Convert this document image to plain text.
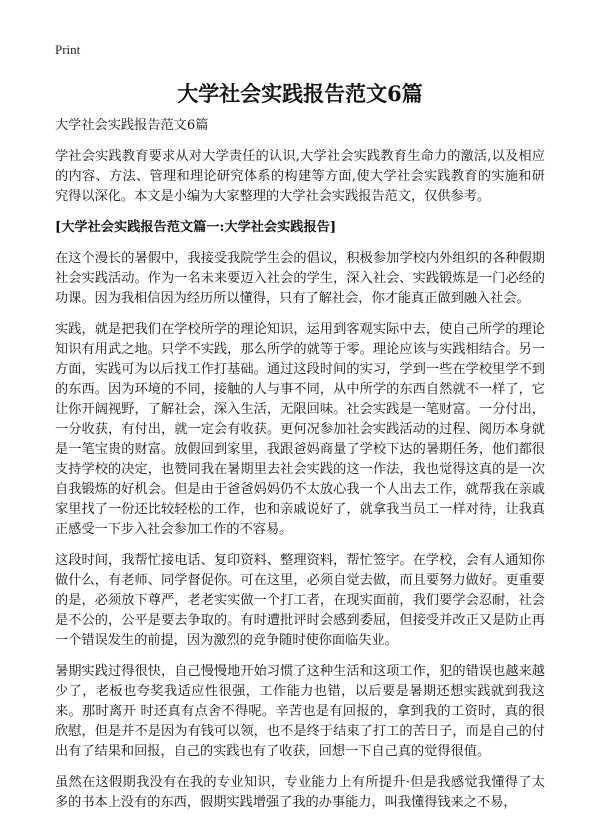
Print
大学社会实践报告范文6篇

大学社会实践报告范文6篇

学社会实践教育要求从对大学责任的认识,大学社会实践教育生命力的激活,以及相应的内容、方法、管理和理论研究体系的构建等方面,使大学社会实践教育的实施和研究得以深化。本文是小编为大家整理的大学社会实践报告范文，仅供参考。

[大学社会实践报告范文篇一:大学社会实践报告]

在这个漫长的暑假中，我接受我院学生会的倡议，积极参加学校内外组织的各种假期社会实践活动。作为一名未来要迈入社会的学生，深入社会、实践锻炼是一门必经的功课。因为我相信因为经历所以懂得，只有了解社会，你才能真正做到融入社会。

实践，就是把我们在学校所学的理论知识，运用到客观实际中去，使自己所学的理论知识有用武之地。只学不实践，那么所学的就等于零。理论应该与实践相结合。另一方面，实践可为以后找工作打基础。通过这段时间的实习，学到一些在学校里学不到的东西。因为环境的不同，接触的人与事不同，从中所学的东西自然就不一样了，它让你开阔视野，了解社会，深入生活，无限回味。社会实践是一笔财富。一分付出，一分收获，有付出，就一定会有收获。更何况参加社会实践活动的过程、阅历本身就是一笔宝贵的财富。放假回到家里，我跟爸妈商量了学校下达的暑期任务，他们都很支持学校的决定，也赞同我在暑期里去社会实践的这一作法，我也觉得这真的是一次自我锻炼的好机会。但是由于爸爸妈妈仍不太放心我一个人出去工作，就帮我在亲戚家里找了一份还比较轻松的工作，也和亲戚说好了，就拿我当员工一样对待，让我真正感受一下步入社会参加工作的不容易。

这段时间，我帮忙接电话、复印资料、整理资料，帮忙签字。在学校，会有人通知你做什么，有老师、同学督促你。可在这里，必须自觉去做，而且要努力做好。更重要的是，必须放下尊严，老老实实做一个打工者，在现实面前，我们要学会忍耐，社会是不公的，公平是要去争取的。有时遭批评时会感到委屈，但接受并改正又是防止再一个错误发生的前提，因为激烈的竞争随时使你面临失业。

暑期实践过得很快，自己慢慢地开始习惯了这种生活和这项工作，犯的错误也越来越少了，老板也夸奖我适应性很强，工作能力也错，以后要是暑期还想实践就到我这来。那时离开 时还真有点舍不得呢。辛苦也是有回报的，拿到我的工资时，真的很欣慰，但是并不是因为有钱可以领，也不是终于结束了打工的苦日子，而是自己的付出有了结果和回报，自己的实践也有了收获，回想一下自己真的觉得很值。

虽然在这假期我没有在我的专业知识，专业能力上有所提升·但是我感觉我懂得了太多的书本上没有的东西，假期实践增强了我的办事能力，叫我懂得钱来之不易，
